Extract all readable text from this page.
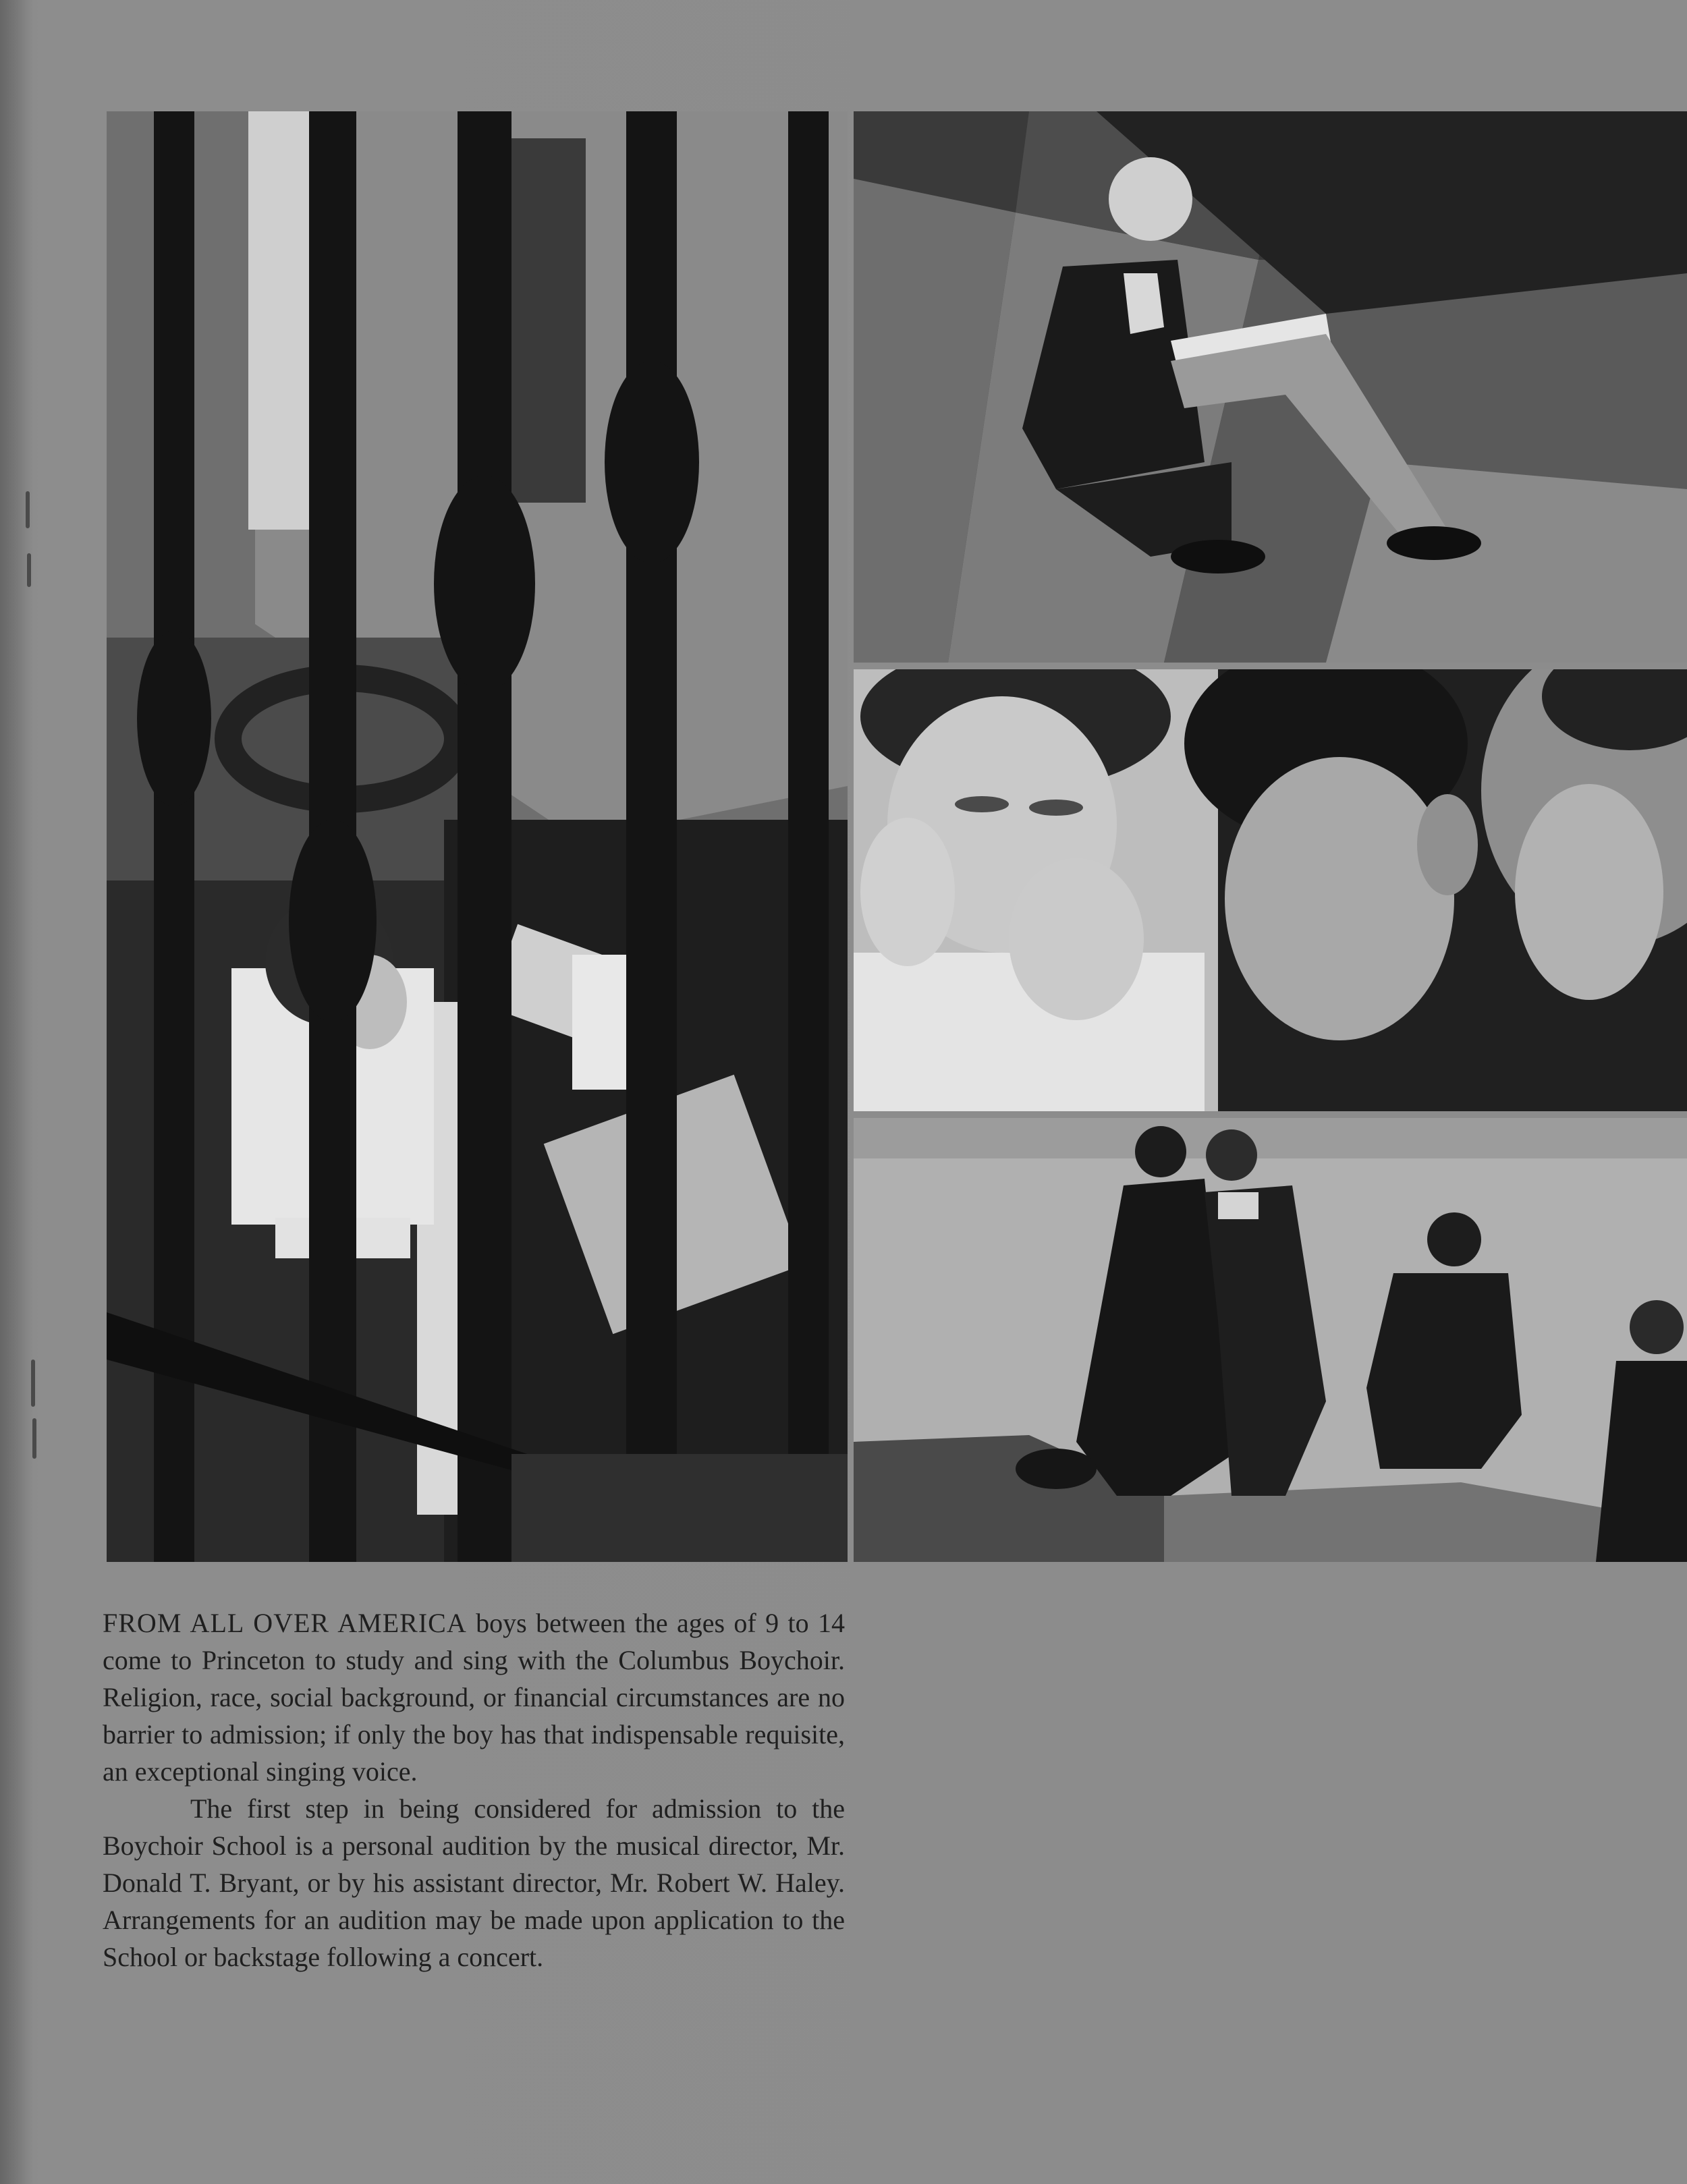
FROM ALL OVER AMERICA boys between the ages of 9 to 14 come to Princeton to study and sing with the Columbus Boychoir. Religion, race, social background, or financial circumstances are no barrier to admission; if only the boy has that indispensable requisite, an exceptional singing voice.

The first step in being considered for admission to the Boychoir School is a personal audition by the musical director, Mr. Donald T. Bryant, or by his assistant director, Mr. Robert W. Haley. Arrangements for an audition may be made upon application to the School or backstage following a concert.
